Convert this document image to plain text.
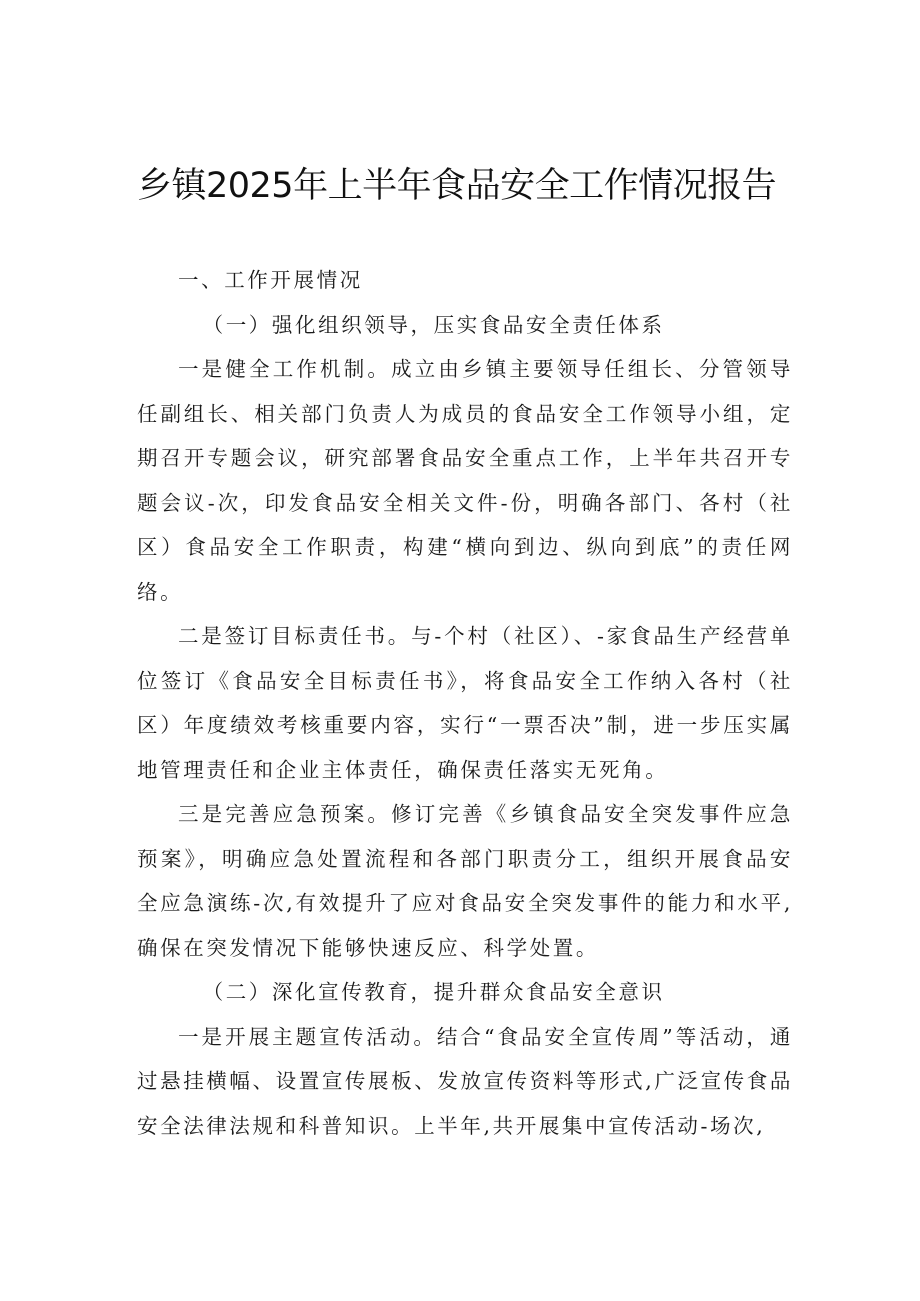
乡镇2025年上半年食品安全工作情况报告

一、工作开展情况

（一）强化组织领导，压实食品安全责任体系

一是健全工作机制。成立由乡镇主要领导任组长、分管领导任副组长、相关部门负责人为成员的食品安全工作领导小组，定期召开专题会议，研究部署食品安全重点工作，上半年共召开专题会议-次，印发食品安全相关文件-份，明确各部门、各村（社区）食品安全工作职责，构建“横向到边、纵向到底”的责任网络。

二是签订目标责任书。与-个村（社区）、-家食品生产经营单位签订《食品安全目标责任书》，将食品安全工作纳入各村（社区）年度绩效考核重要内容，实行“一票否决”制，进一步压实属地管理责任和企业主体责任，确保责任落实无死角。

三是完善应急预案。修订完善《乡镇食品安全突发事件应急预案》，明确应急处置流程和各部门职责分工，组织开展食品安全应急演练-次,有效提升了应对食品安全突发事件的能力和水平,确保在突发情况下能够快速反应、科学处置。

（二）深化宣传教育，提升群众食品安全意识

一是开展主题宣传活动。结合“食品安全宣传周”等活动，通过悬挂横幅、设置宣传展板、发放宣传资料等形式,广泛宣传食品安全法律法规和科普知识。上半年,共开展集中宣传活动-场次,
